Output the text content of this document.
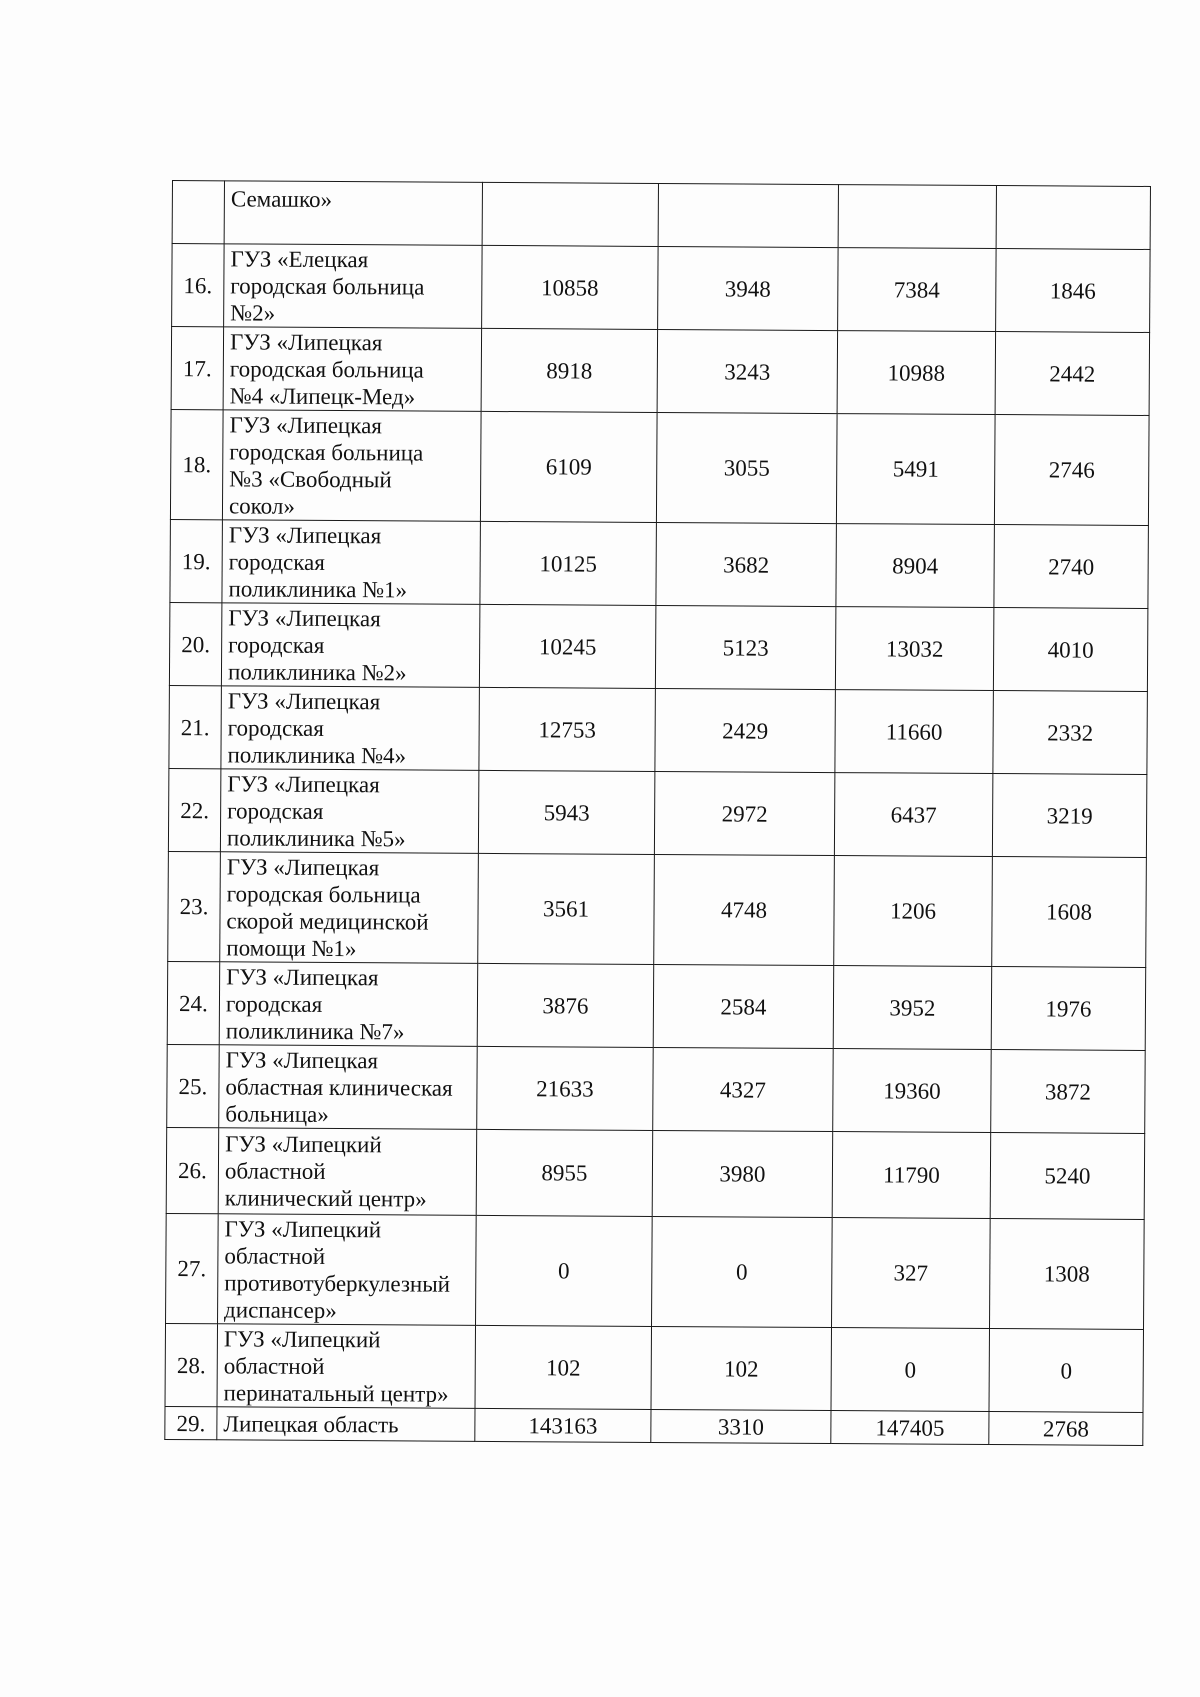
	Семашко»				
16.	ГУЗ «Елецкая
городская больница
№2»	10858	3948	7384	1846
17.	ГУЗ «Липецкая
городская больница
№4 «Липецк-Мед»	8918	3243	10988	2442
18.	ГУЗ «Липецкая
городская больница
№3 «Свободный
сокол»	6109	3055	5491	2746
19.	ГУЗ «Липецкая
городская
поликлиника №1»	10125	3682	8904	2740
20.	ГУЗ «Липецкая
городская
поликлиника №2»	10245	5123	13032	4010
21.	ГУЗ «Липецкая
городская
поликлиника №4»	12753	2429	11660	2332
22.	ГУЗ «Липецкая
городская
поликлиника №5»	5943	2972	6437	3219
23.	ГУЗ «Липецкая
городская больница
скорой медицинской
помощи №1»	3561	4748	1206	1608
24.	ГУЗ «Липецкая
городская
поликлиника №7»	3876	2584	3952	1976
25.	ГУЗ «Липецкая
областная клиническая
больница»	21633	4327	19360	3872
26.	ГУЗ «Липецкий
областной
клинический центр»	8955	3980	11790	5240
27.	ГУЗ «Липецкий
областной
противотуберкулезный
диспансер»	0	0	327	1308
28.	ГУЗ «Липецкий
областной
перинатальный центр»	102	102	0	0
29.	Липецкая область	143163	3310	147405	2768
